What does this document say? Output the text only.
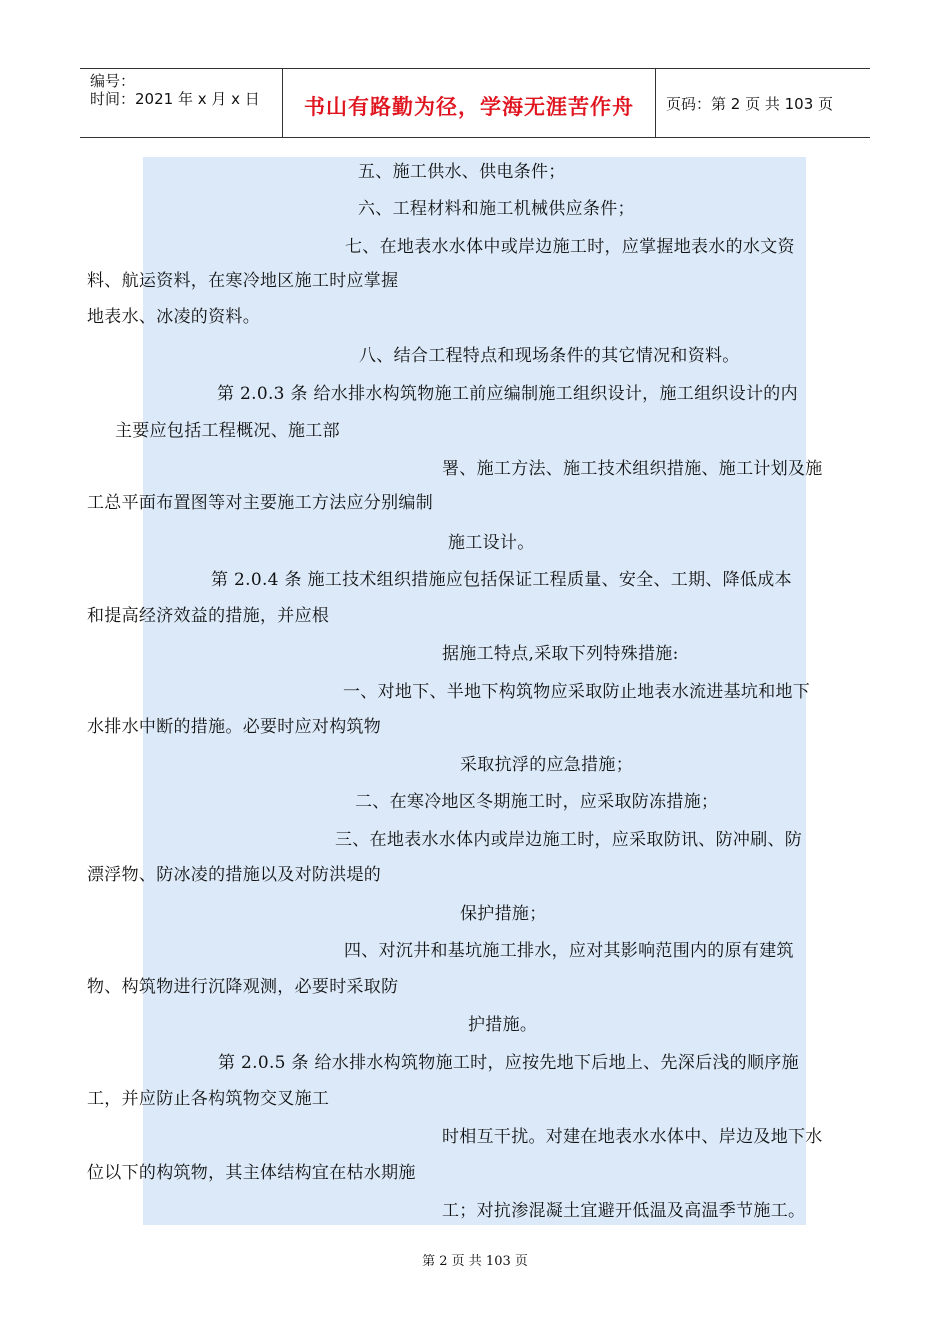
编号：
时间：2021 年 x 月 x 日	书山有路勤为径，学海无涯苦作舟	页码：第 2 页 共 103 页
五、施工供水、供电条件；
六、工程材料和施工机械供应条件；
七、在地表水水体中或岸边施工时，应掌握地表水的水文资
料、航运资料，在寒冷地区施工时应掌握
地表水、冰凌的资料。
八、结合工程特点和现场条件的其它情况和资料。
第 2.0.3 条 给水排水构筑物施工前应编制施工组织设计，施工组织设计的内
主要应包括工程概况、施工部
署、施工方法、施工技术组织措施、施工计划及施
工总平面布置图等对主要施工方法应分别编制
施工设计。
第 2.0.4 条 施工技术组织措施应包括保证工程质量、安全、工期、降低成本
和提高经济效益的措施，并应根
据施工特点,采取下列特殊措施:
一、对地下、半地下构筑物应采取防止地表水流进基坑和地下
水排水中断的措施。必要时应对构筑物
采取抗浮的应急措施；
二、在寒冷地区冬期施工时，应采取防冻措施；
三、在地表水水体内或岸边施工时，应采取防讯、防冲刷、防
漂浮物、防冰凌的措施以及对防洪堤的
保护措施；
四、对沉井和基坑施工排水，应对其影响范围内的原有建筑
物、构筑物进行沉降观测，必要时采取防
护措施。
第 2.0.5 条 给水排水构筑物施工时，应按先地下后地上、先深后浅的顺序施
工，并应防止各构筑物交叉施工
时相互干扰。对建在地表水水体中、岸边及地下水
位以下的构筑物，其主体结构宜在枯水期施
工；对抗渗混凝土宜避开低温及高温季节施工。
第 2 页 共 103 页
